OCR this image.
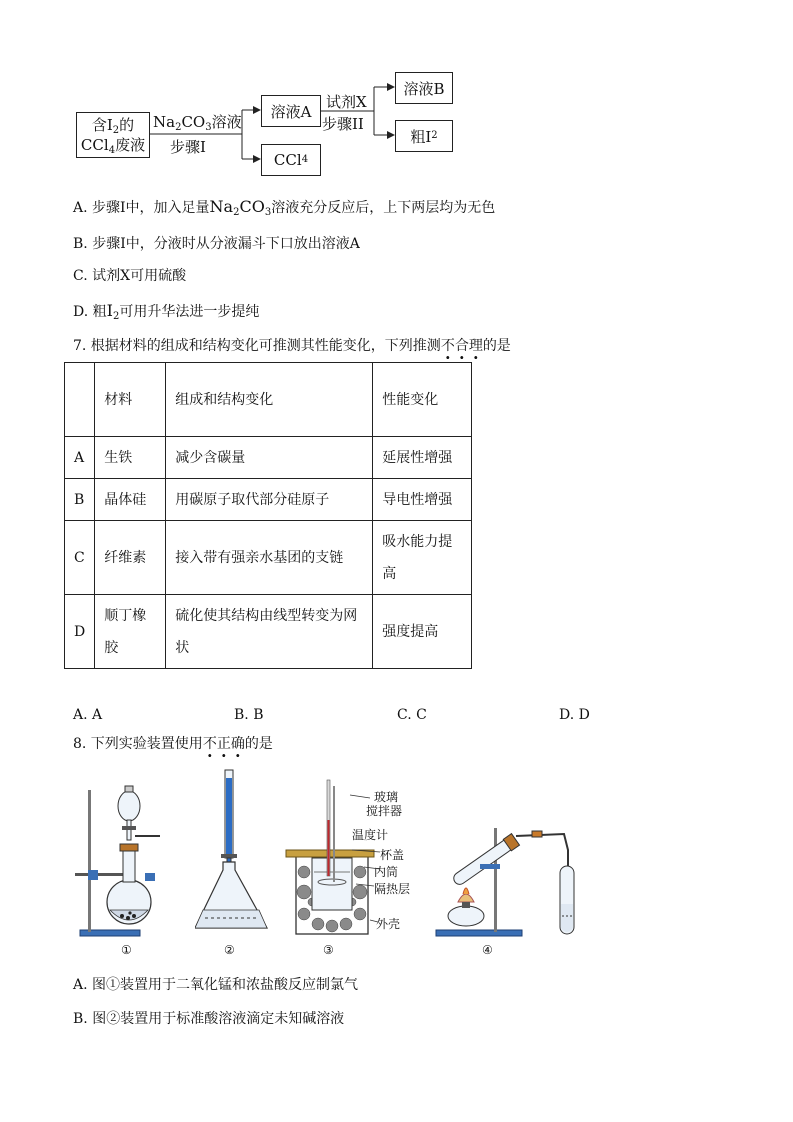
含$I_2$的
CCl$_4$废液
$Na_2CO_3$溶液
步骤I
溶液A
CCl 4
试剂X
步骤II
溶液B
粗I 2
A. 步骤I中，加入足量$Na_2CO_3$溶液充分反应后，上下两层均为无色
B. 步骤I中，分液时从分液漏斗下口放出溶液A
C. 试剂X可用硫酸
D. 粗$I_2$可用升华法进一步提纯
7. 根据材料的组成和结构变化可推测其性能变化，下列推测不合理的是
	材料	组成和结构变化	性能变化
A	生铁	减少含碳量	延展性增强
B	晶体硅	用碳原子取代部分硅原子	导电性增强
C	纤维素	接入带有强亲水基团的支链	吸水能力提高
D	顺丁橡胶	硫化使其结构由线型转变为网状	强度提高
A. A	B. B	C. C	D. D
8. 下列实验装置使用不正确的是
①	②
玻璃
搅拌器
温度计
杯盖
内筒
隔热层
外壳
③	④
A. 图①装置用于二氧化锰和浓盐酸反应制氯气
B. 图②装置用于标准酸溶液滴定未知碱溶液
